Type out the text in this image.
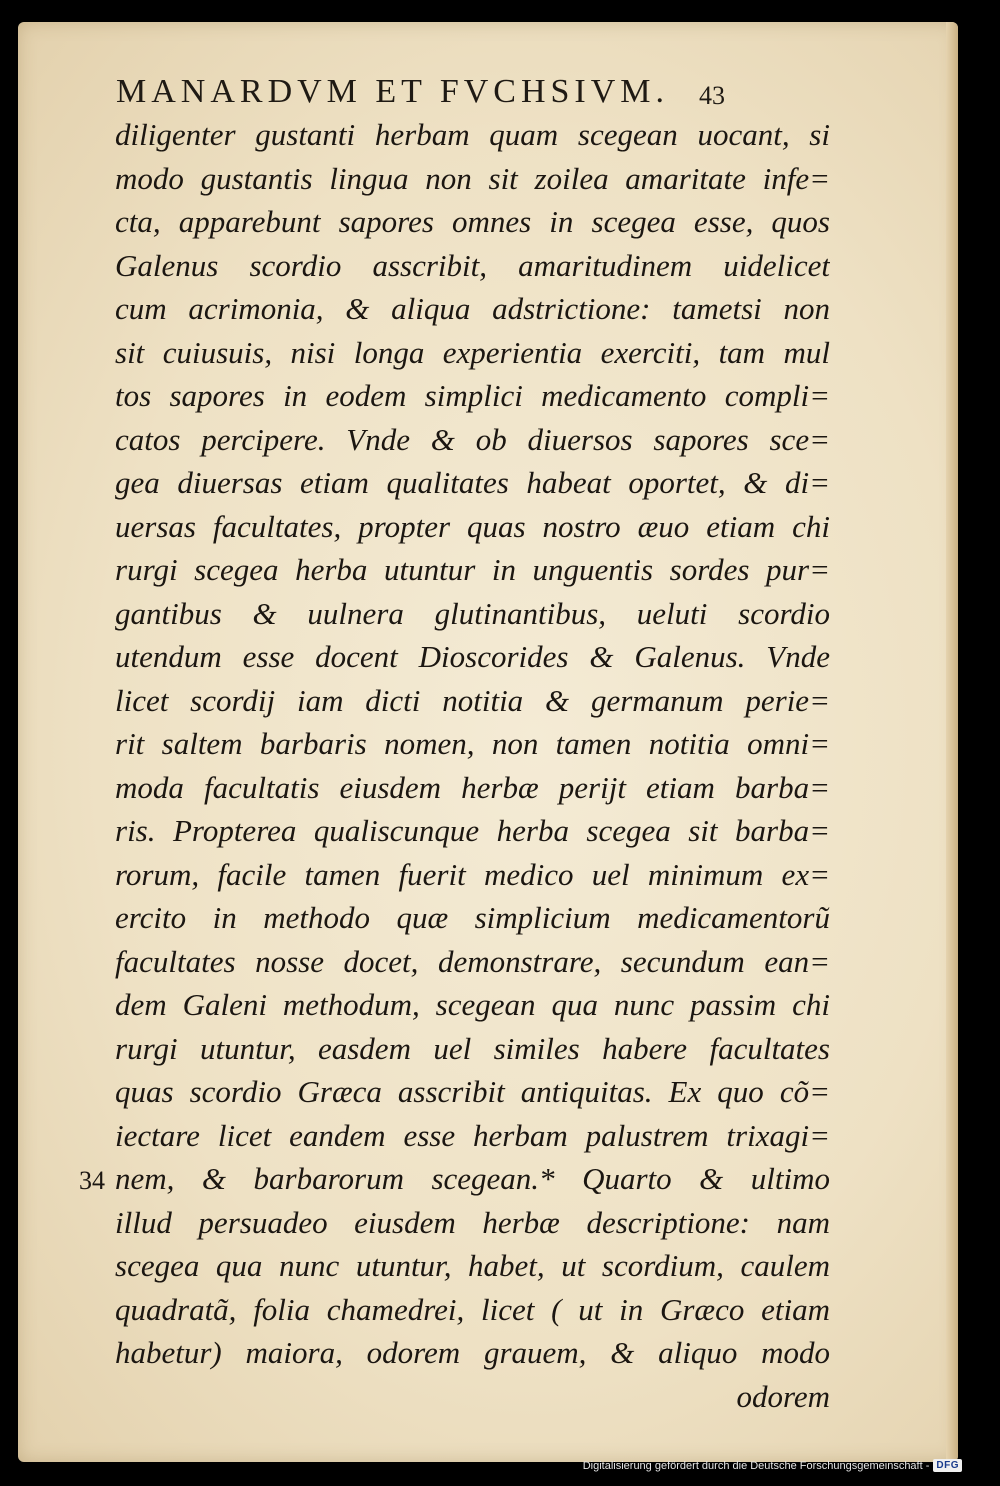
MANARDVM ET FVCHSIVM. 43
diligenter gustanti herbam quam scegean uocant, si
modo gustantis lingua non sit zoilea amaritate infe=
cta, apparebunt sapores omnes in scegea esse, quos
Galenus scordio asscribit, amaritudinem uidelicet
cum acrimonia, & aliqua adstrictione: tametsi non
sit cuiusuis, nisi longa experientia exerciti, tam mul
tos sapores in eodem simplici medicamento compli=
catos percipere. Vnde & ob diuersos sapores sce=
gea diuersas etiam qualitates habeat oportet, & di=
uersas facultates, propter quas nostro æuo etiam chi
rurgi scegea herba utuntur in unguentis sordes pur=
gantibus & uulnera glutinantibus, ueluti scordio
utendum esse docent Dioscorides & Galenus. Vnde
licet scordij iam dicti notitia & germanum perie=
rit saltem barbaris nomen, non tamen notitia omni=
moda facultatis eiusdem herbæ perijt etiam barba=
ris. Propterea qualiscunque herba scegea sit barba=
rorum, facile tamen fuerit medico uel minimum ex=
ercito in methodo quæ simplicium medicamentorũ
facultates nosse docet, demonstrare, secundum ean=
dem Galeni methodum, scegean qua nunc passim chi
rurgi utuntur, easdem uel similes habere facultates
quas scordio Græca asscribit antiquitas. Ex quo cõ=
iectare licet eandem esse herbam palustrem trixagi=
34 nem, & barbarorum scegean.* Quarto & ultimo
illud persuadeo eiusdem herbæ descriptione: nam
scegea qua nunc utuntur, habet, ut scordium, caulem
quadratã, folia chamedrei, licet ( ut in Græco etiam
habetur) maiora, odorem grauem, & aliquo modo
odorem
Digitalisierung gefördert durch die Deutsche Forschungsgemeinschaft - DFG
